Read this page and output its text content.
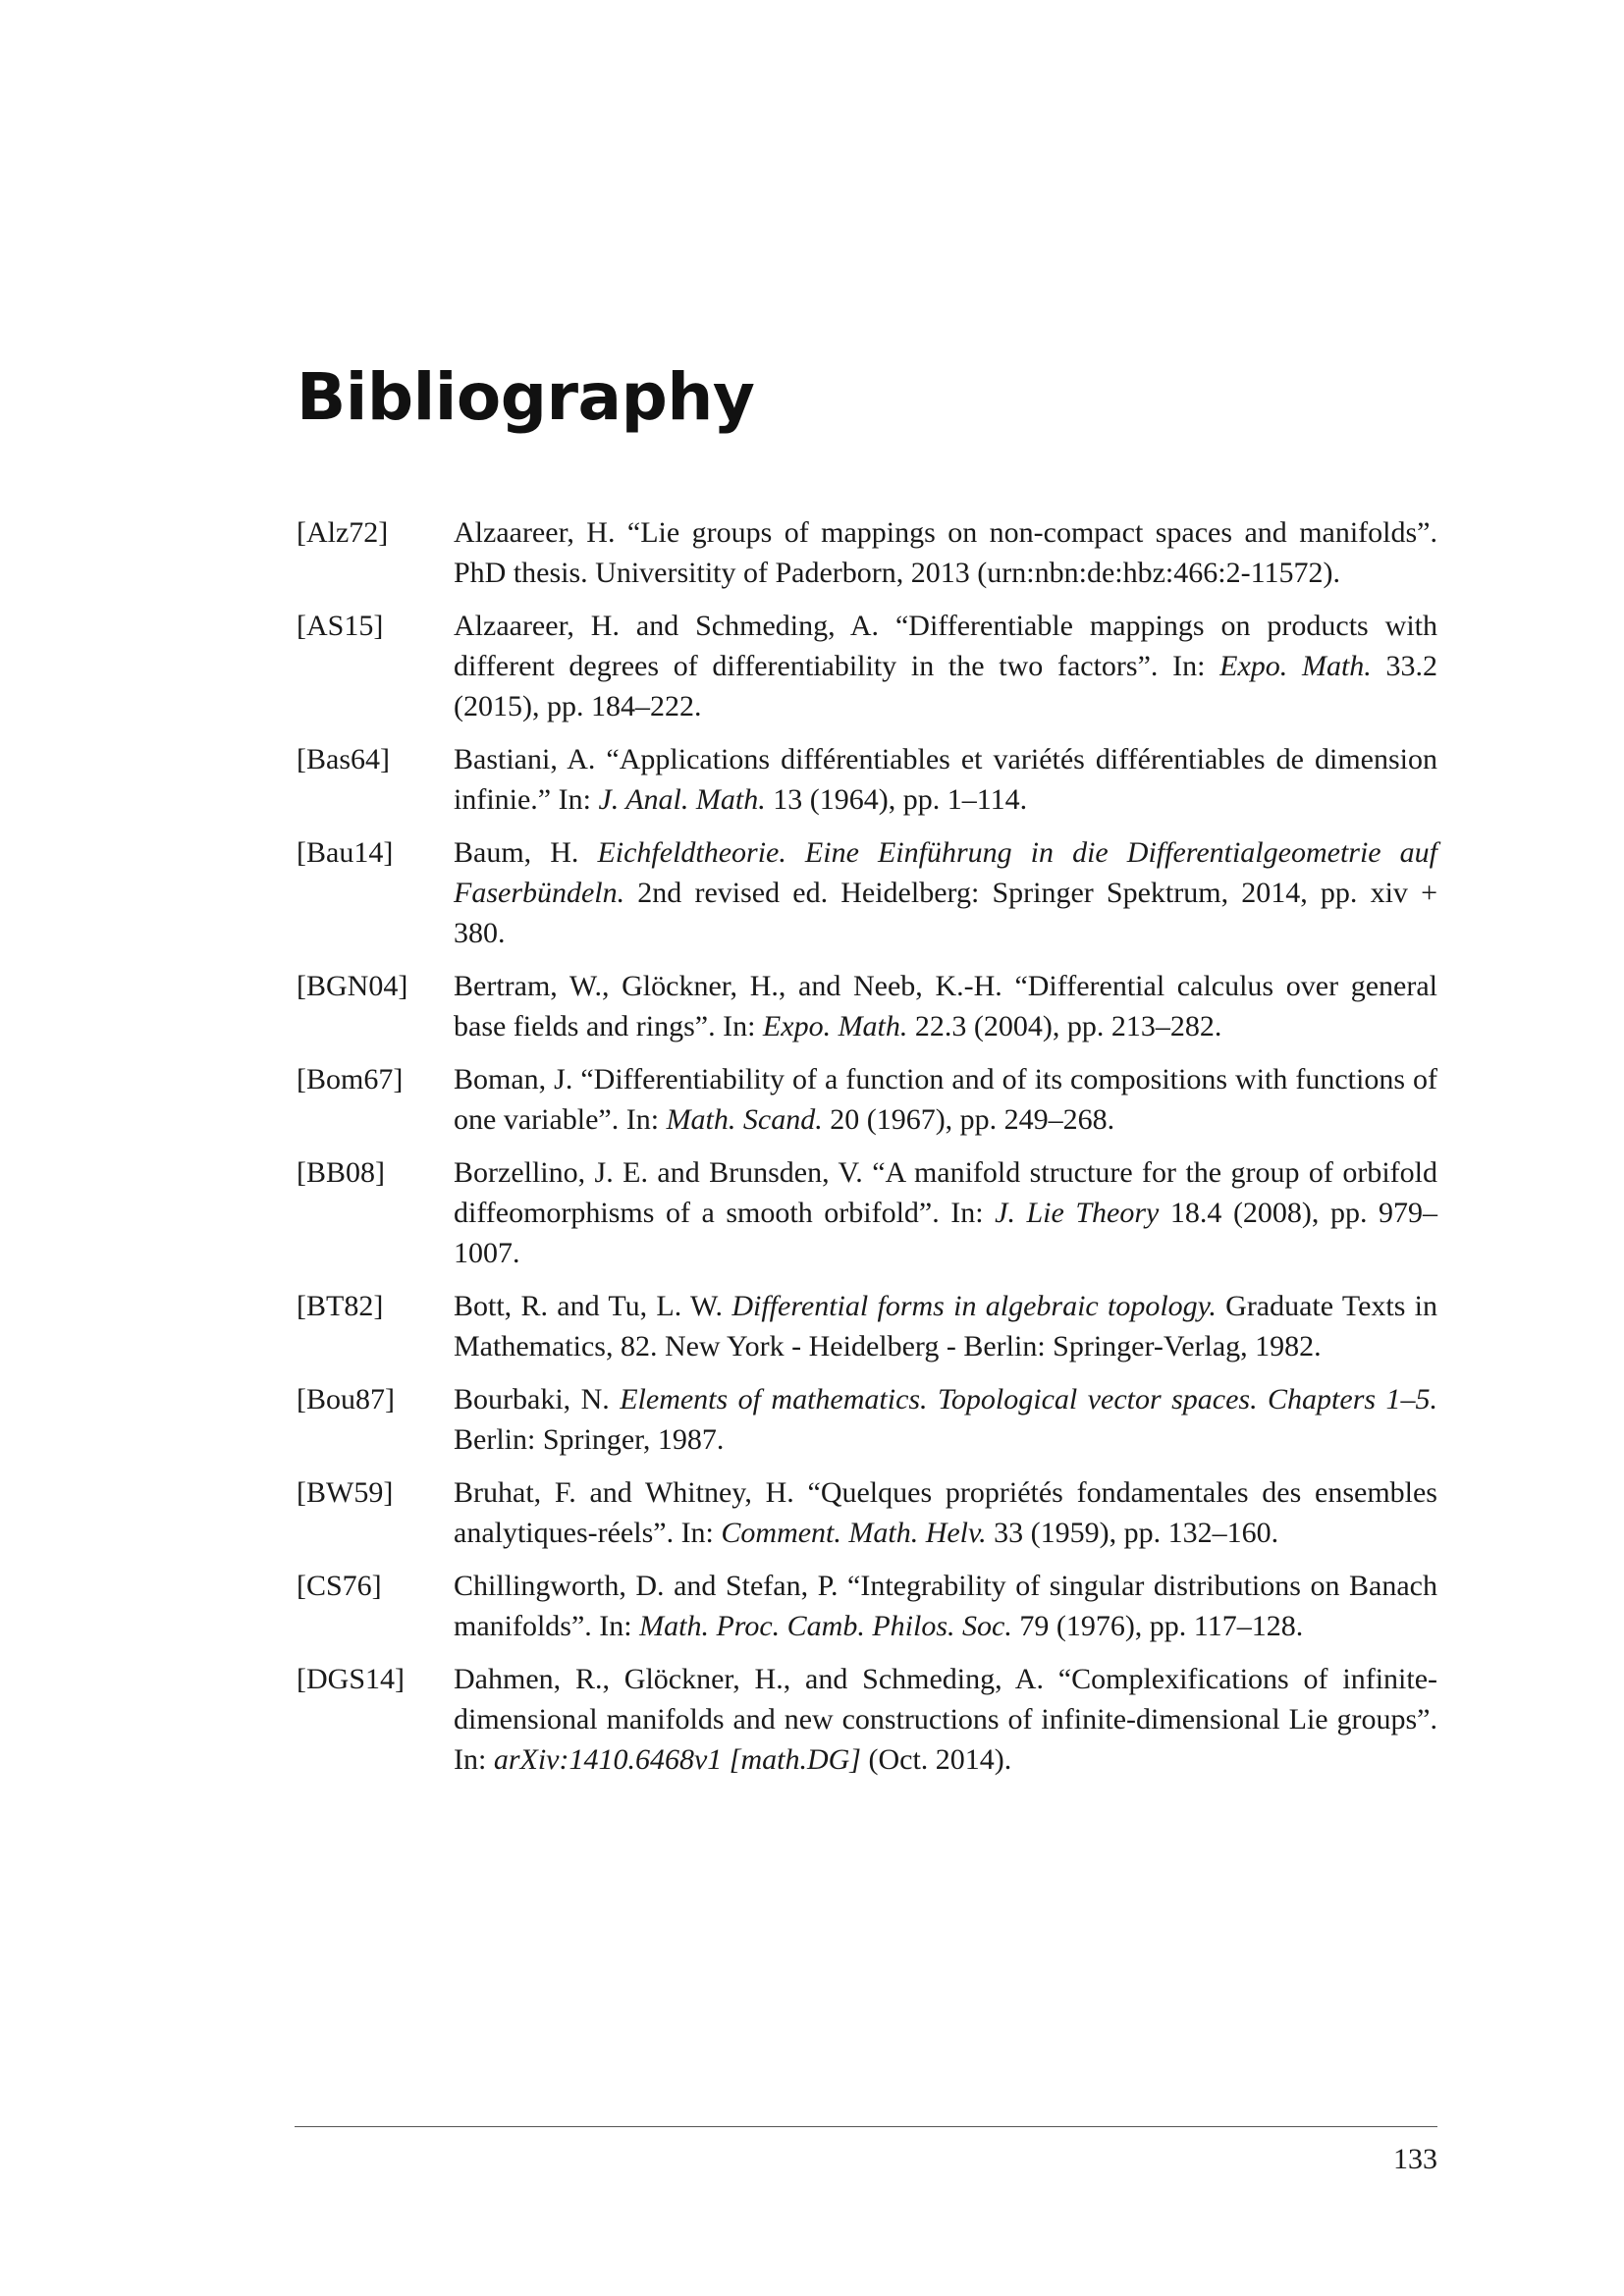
Bibliography
[Alz72]	Alzaareer, H. “Lie groups of mappings on non-compact spaces and manifolds”. PhD thesis. Universitity of Paderborn, 2013 (urn:nbn:de:hbz:466:2-11572).
[AS15]	Alzaareer, H. and Schmeding, A. “Differentiable mappings on products with different degrees of differentiability in the two factors”. In: Expo. Math. 33.2 (2015), pp. 184–222.
[Bas64]	Bastiani, A. “Applications différentiables et variétés différentiables de dimension infinie.” In: J. Anal. Math. 13 (1964), pp. 1–114.
[Bau14]	Baum, H. Eichfeldtheorie. Eine Einführung in die Differentialgeometrie auf Faserbündeln. 2nd revised ed. Heidelberg: Springer Spektrum, 2014, pp. xiv + 380.
[BGN04]	Bertram, W., Glöckner, H., and Neeb, K.-H. “Differential calculus over general base fields and rings”. In: Expo. Math. 22.3 (2004), pp. 213–282.
[Bom67]	Boman, J. “Differentiability of a function and of its compositions with functions of one variable”. In: Math. Scand. 20 (1967), pp. 249–268.
[BB08]	Borzellino, J. E. and Brunsden, V. “A manifold structure for the group of orbifold diffeomorphisms of a smooth orbifold”. In: J. Lie Theory 18.4 (2008), pp. 979–1007.
[BT82]	Bott, R. and Tu, L. W. Differential forms in algebraic topology. Graduate Texts in Mathematics, 82. New York - Heidelberg - Berlin: Springer-Verlag, 1982.
[Bou87]	Bourbaki, N. Elements of mathematics. Topological vector spaces. Chapters 1–5. Berlin: Springer, 1987.
[BW59]	Bruhat, F. and Whitney, H. “Quelques propriétés fondamentales des ensembles analytiques-réels”. In: Comment. Math. Helv. 33 (1959), pp. 132–160.
[CS76]	Chillingworth, D. and Stefan, P. “Integrability of singular distributions on Banach manifolds”. In: Math. Proc. Camb. Philos. Soc. 79 (1976), pp. 117–128.
[DGS14]	Dahmen, R., Glöckner, H., and Schmeding, A. “Complexifications of infinite-dimensional manifolds and new constructions of infinite-dimensional Lie groups”. In: arXiv:1410.6468v1 [math.DG] (Oct. 2014).
133
